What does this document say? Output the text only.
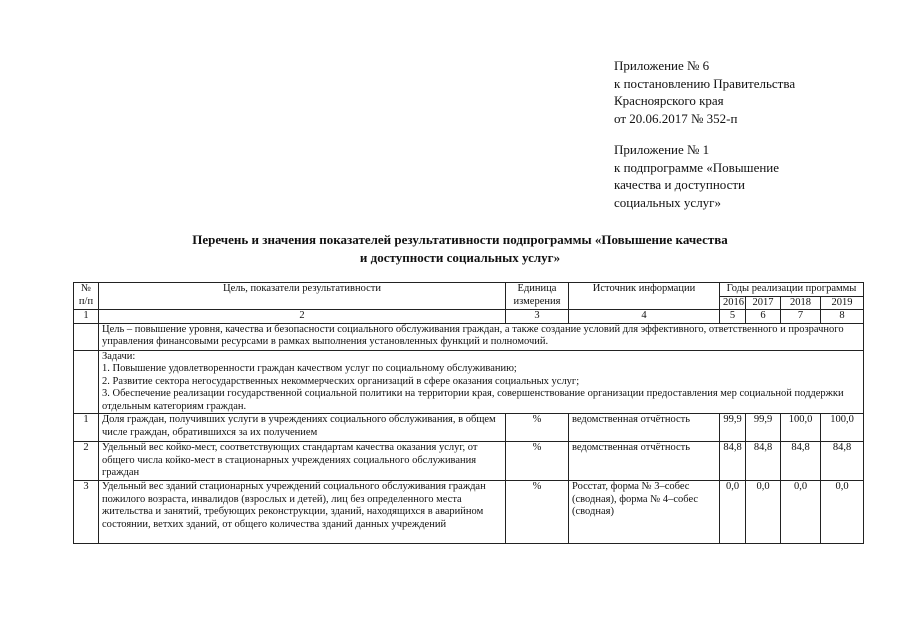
Приложение № 6
к постановлению Правительства
Красноярского края
от 20.06.2017 № 352-п
Приложение № 1
к подпрограмме «Повышение
качества и доступности
социальных услуг»
Перечень и значения показателей результативности подпрограммы «Повышение качества
и доступности социальных услуг»
№ п/п	Цель, показатели результативности	Единица измерения	Источник информации	Годы реализации программы			
				2016	2017	2018	2019
1	2	3	4	5	6	7	8
	Цель – повышение уровня, качества и безопасности социального обслуживания граждан, а также создание условий для эффективного, ответственного и прозрачного управления финансовыми ресурсами в рамках выполнения установленных функций и полномочий.						

	Задачи:
1. Повышение удовлетворенности граждан качеством услуг по социальному обслуживанию;
2. Развитие сектора негосударственных некоммерческих организаций в сфере оказания социальных услуг;
3. Обеспечение реализации государственной социальной политики на территории края, совершенствование организации предоставления мер социальной поддержки отдельным категориям граждан.						

1	Доля граждан, получивших услуги в учреждениях социального обслуживания, в общем числе граждан, обратившихся за их получением	%	ведомственная отчётность	99,9	99,9	100,0	100,0
2	Удельный вес койко-мест, соответствующих стандартам качества оказания услуг, от общего числа койко-мест в стационарных учреждениях социального обслуживания граждан	%	ведомственная отчётность	84,8	84,8	84,8	84,8
3	Удельный вес зданий стационарных учреждений социального обслуживания граждан пожилого возраста, инвалидов (взрослых и детей), лиц без определенного места жительства и занятий, требующих реконструкции, зданий, находящихся в аварийном состоянии, ветхих зданий, от общего количества зданий данных учреждений	%	Росстат, форма № 3–собес (сводная), форма № 4–собес (сводная)	0,0	0,0	0,0	0,0
